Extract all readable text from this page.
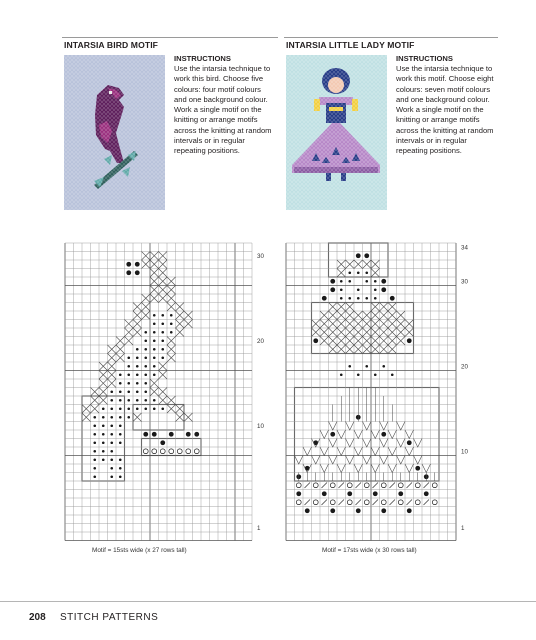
INTARSIA BIRD MOTIF
INSTRUCTIONS
Use the intarsia technique to work this bird. Choose five colours: four motif colours and one background colour. Work a single motif on the knitting or arrange motifs across the knitting at random intervals or in regular repeating positions.
30
20
10
1
Motif = 15sts wide (x 27 rows tall)
INTARSIA LITTLE LADY MOTIF
INSTRUCTIONS
Use the intarsia technique to work this motif. Choose eight colours: seven motif colours and one background colour. Work a single motif on the knitting or arrange motifs across the knitting at random intervals or in regular repeating positions.
34
30
20
10
1
Motif = 17sts wide (x 30 rows tall)
208 STITCH PATTERNS
